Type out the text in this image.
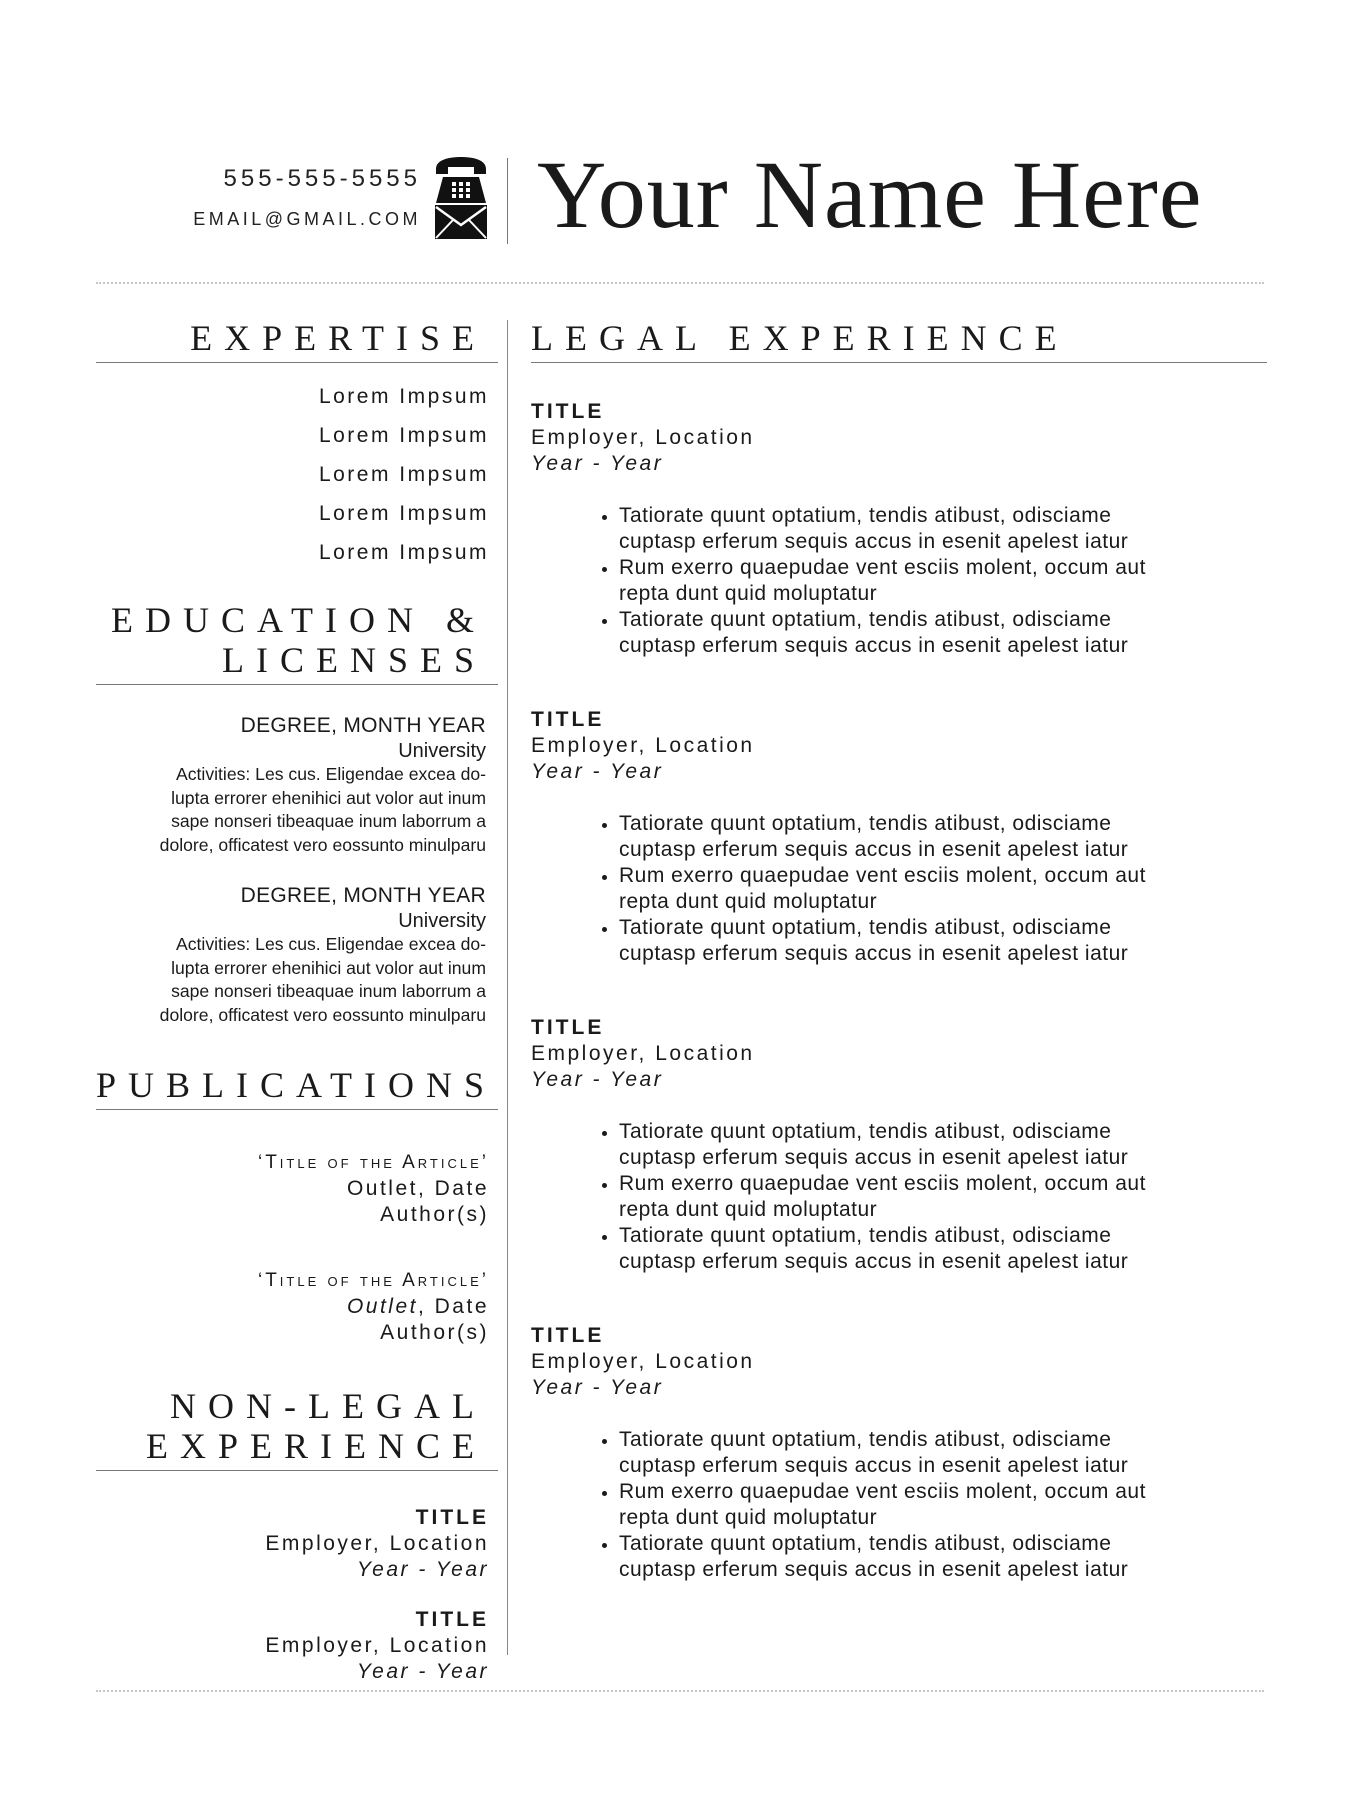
555-555-5555
EMAIL@GMAIL.COM Your Name Here
EXPERTISE
Lorem Impsum
Lorem Impsum
Lorem Impsum
Lorem Impsum
Lorem Impsum
EDUCATION &
LICENSES
DEGREE, MONTH YEAR
University
Activities: Les cus. Eligendae excea do-
lupta errorer ehenihici aut volor aut inum
sape nonseri tibeaquae inum laborrum a
dolore, officatest vero eossunto minulparu
DEGREE, MONTH YEAR
University
Activities: Les cus. Eligendae excea do-
lupta errorer ehenihici aut volor aut inum
sape nonseri tibeaquae inum laborrum a
dolore, officatest vero eossunto minulparu
PUBLICATIONS
‘Title of the Article’
Outlet, Date
Author(s)
‘Title of the Article’
Outlet, Date
Author(s)
NON-LEGAL
EXPERIENCE
TITLE
Employer, Location
Year - Year
TITLE
Employer, Location
Year - Year
LEGAL EXPERIENCE
TITLE
Employer, Location
Year - Year
• Tatiorate quunt optatium, tendis atibust, odisciame
cuptasp erferum sequis accus in esenit apelest iatur
• Rum exerro quaepudae vent esciis molent, occum aut
repta dunt quid moluptatur
• Tatiorate quunt optatium, tendis atibust, odisciame
cuptasp erferum sequis accus in esenit apelest iatur
TITLE
Employer, Location
Year - Year
• Tatiorate quunt optatium, tendis atibust, odisciame
cuptasp erferum sequis accus in esenit apelest iatur
• Rum exerro quaepudae vent esciis molent, occum aut
repta dunt quid moluptatur
• Tatiorate quunt optatium, tendis atibust, odisciame
cuptasp erferum sequis accus in esenit apelest iatur
TITLE
Employer, Location
Year - Year
• Tatiorate quunt optatium, tendis atibust, odisciame
cuptasp erferum sequis accus in esenit apelest iatur
• Rum exerro quaepudae vent esciis molent, occum aut
repta dunt quid moluptatur
• Tatiorate quunt optatium, tendis atibust, odisciame
cuptasp erferum sequis accus in esenit apelest iatur
TITLE
Employer, Location
Year - Year
• Tatiorate quunt optatium, tendis atibust, odisciame
cuptasp erferum sequis accus in esenit apelest iatur
• Rum exerro quaepudae vent esciis molent, occum aut
repta dunt quid moluptatur
• Tatiorate quunt optatium, tendis atibust, odisciame
cuptasp erferum sequis accus in esenit apelest iatur
